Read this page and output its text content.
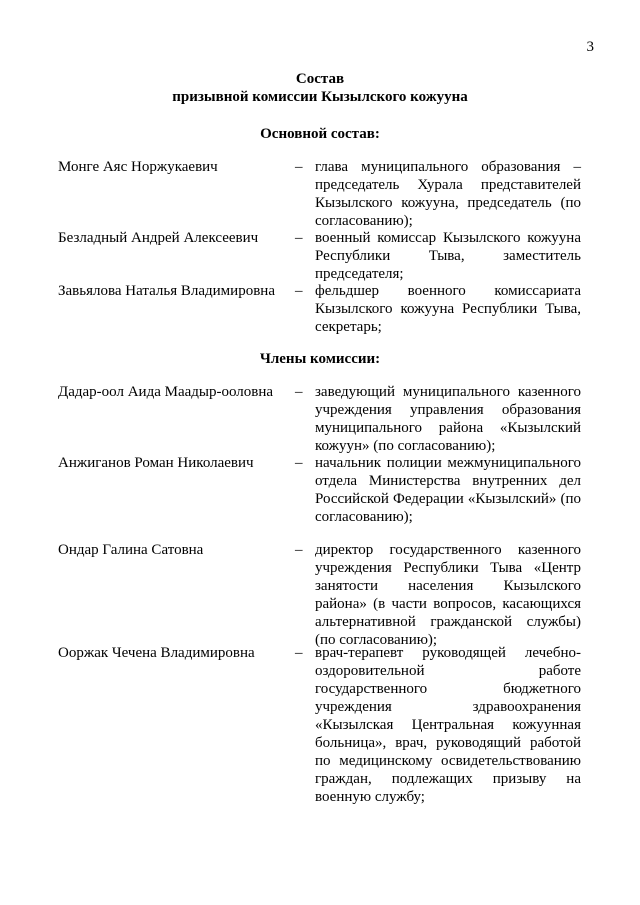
3
Состав
призывной комиссии Кызылского кожууна
Основной состав:
Монге Аяс Норжукаевич	– глава муниципального образования – председатель Хурала представителей Кызылского кожууна, председатель (по согласованию);
Безладный Андрей Алексеевич – военный комиссар Кызылского кожууна Республики Тыва, заместитель председателя;
Завьялова Наталья Владимировна – фельдшер военного комиссариата Кызылского кожууна Республики Тыва, секретарь;
Члены комиссии:
Дадар-оол Аида Маадыр-ооловна – заведующий муниципального казенного учреждения управления образования муниципального района «Кызылский кожуун» (по согласованию);
Анжиганов Роман Николаевич	– начальник полиции межмуниципального отдела Министерства внутренних дел Российской Федерации «Кызылский» (по согласованию);
Ондар Галина Сатовна	– директор государственного казенного учреждения Республики Тыва «Центр занятости населения Кызылского района» (в части вопросов, касающихся альтернативной гражданской службы) (по согласованию);
Ооржак Чечена Владимировна	– врач-терапевт руководящей лечебно-оздоровительной работе государственного бюджетного учреждения здравоохранения «Кызылская Центральная кожуунная больница», врач, руководящий работой по медицинскому освидетельствованию граждан, подлежащих призыву на военную службу;
